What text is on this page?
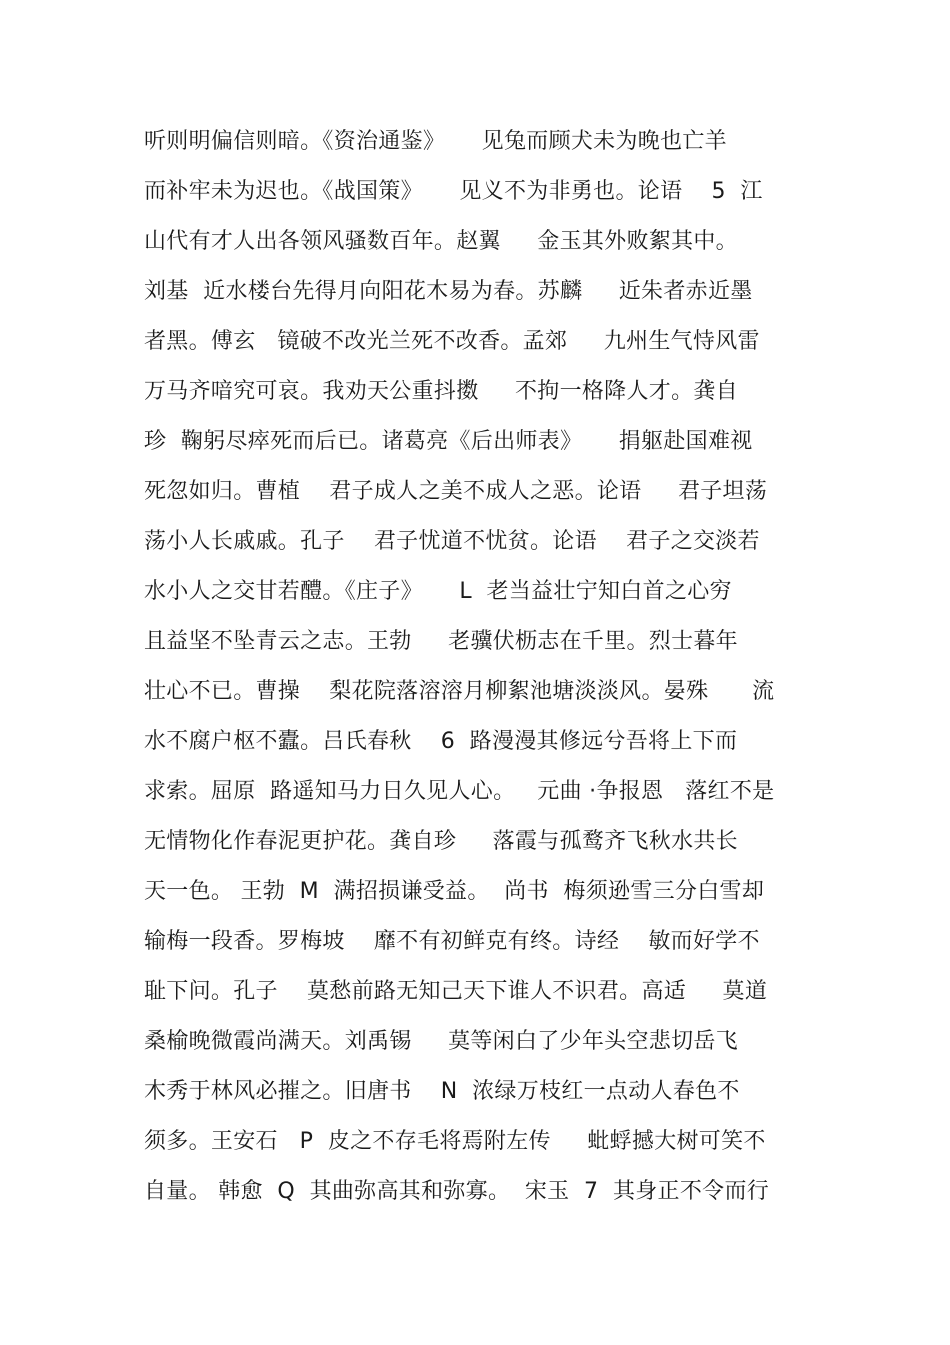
听则明偏信则暗。《资治通鉴》     见兔而顾犬未为晚也亡羊
而补牢未为迟也。《战国策》     见义不为非勇也。论语    5  江
山代有才人出各领风骚数百年。赵翼     金玉其外败絮其中。
刘基  近水楼台先得月向阳花木易为春。苏麟     近朱者赤近墨
者黑。傅玄   镜破不改光兰死不改香。孟郊     九州生气恃风雷
万马齐喑究可哀。我劝天公重抖擞     不拘一格降人才。龚自
珍  鞠躬尽瘁死而后已。诸葛亮《后出师表》     捐躯赴国难视
死忽如归。曹植    君子成人之美不成人之恶。论语     君子坦荡
荡小人长戚戚。孔子    君子忧道不忧贫。论语    君子之交淡若
水小人之交甘若醴。《庄子》     L  老当益壮宁知白首之心穷
且益坚不坠青云之志。王勃     老骥伏枥志在千里。烈士暮年
壮心不已。曹操    梨花院落溶溶月柳絮池塘淡淡风。晏殊      流
水不腐户枢不蠹。吕氏春秋    6  路漫漫其修远兮吾将上下而
求索。屈原  路遥知马力日久见人心。   元曲 ·争报恩   落红不是
无情物化作春泥更护花。龚自珍     落霞与孤鹜齐飞秋水共长
天一色。 王勃  M  满招损谦受益。  尚书  梅须逊雪三分白雪却
输梅一段香。罗梅坡    靡不有初鲜克有终。诗经    敏而好学不
耻下问。孔子    莫愁前路无知己天下谁人不识君。高适     莫道
桑榆晚微霞尚满天。刘禹锡     莫等闲白了少年头空悲切岳飞
木秀于林风必摧之。旧唐书    N  浓绿万枝红一点动人春色不
须多。王安石   P  皮之不存毛将焉附左传     蚍蜉撼大树可笑不
自量。 韩愈  Q  其曲弥高其和弥寡。  宋玉  7  其身正不令而行
